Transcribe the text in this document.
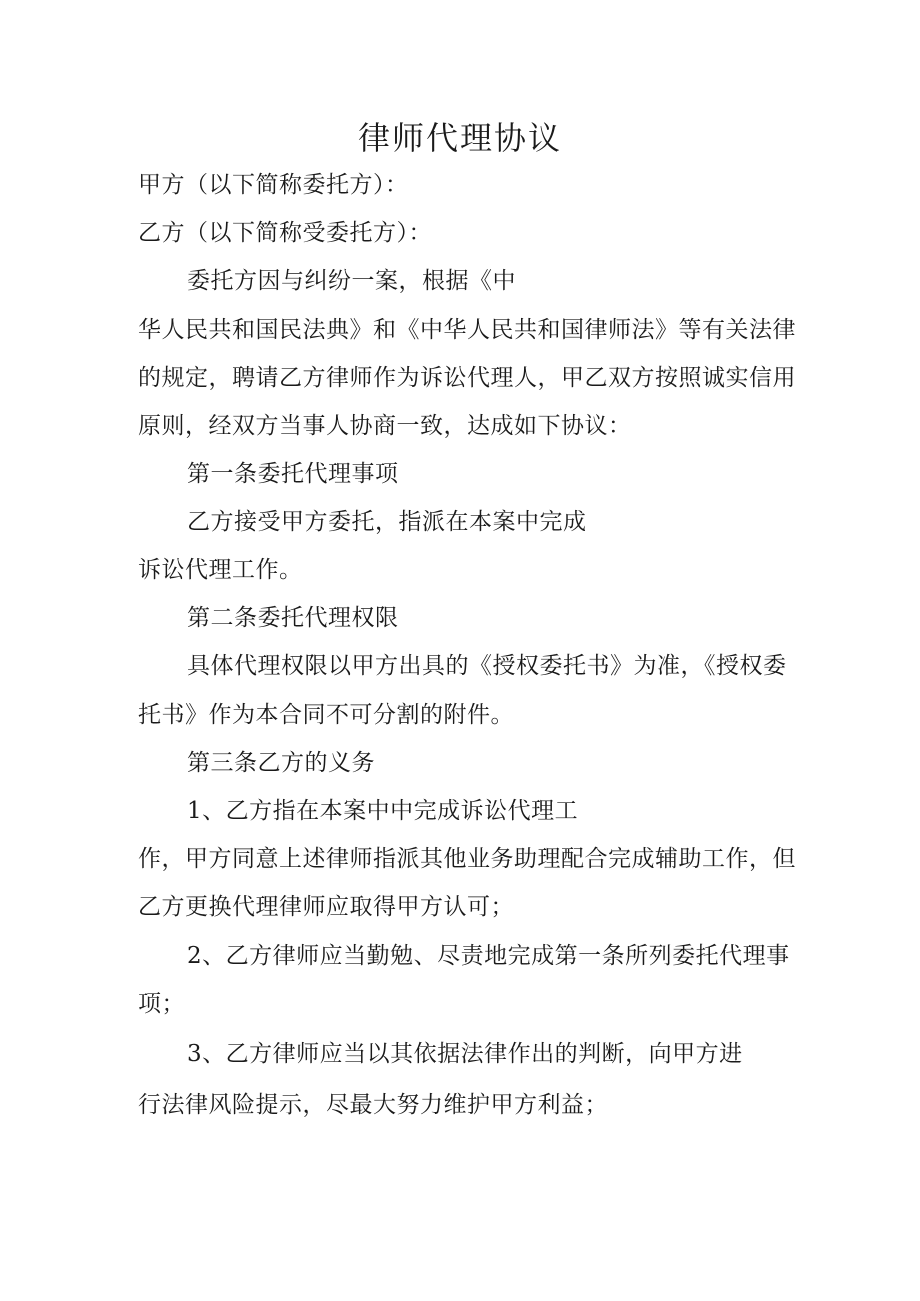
律师代理协议

甲方（以下简称委托方）：

乙方（以下简称受委托方）：

委托方因与纠纷一案，根据《中

华人民共和国民法典》和《中华人民共和国律师法》等有关法律

的规定，聘请乙方律师作为诉讼代理人，甲乙双方按照诚实信用

原则，经双方当事人协商一致，达成如下协议：

第一条委托代理事项

乙方接受甲方委托，指派在本案中完成

诉讼代理工作。

第二条委托代理权限

具体代理权限以甲方出具的《授权委托书》为准，《授权委

托书》作为本合同不可分割的附件。

第三条乙方的义务

1、乙方指在本案中中完成诉讼代理工

作，甲方同意上述律师指派其他业务助理配合完成辅助工作，但

乙方更换代理律师应取得甲方认可；

2、乙方律师应当勤勉、尽责地完成第一条所列委托代理事

项；

3、乙方律师应当以其依据法律作出的判断，向甲方进

行法律风险提示，尽最大努力维护甲方利益；
